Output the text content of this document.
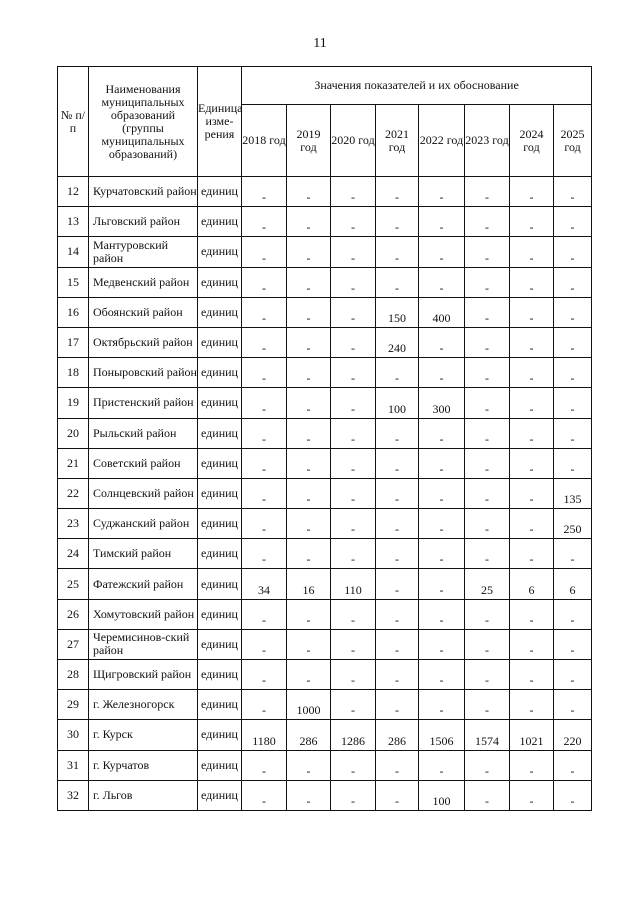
11
№ п/п	Наименования муниципальных образований (группы муниципальных образований)	Единица изме-рения	Значения показателей и их обоснование							
			2018 год	2019 год	2020 год	2021 год	2022 год	2023 год	2024 год	2025 год
12	Курчатовский район	единиц	-	-	-	-	-	-	-	-
13	Льговский район	единиц	-	-	-	-	-	-	-	-
14	Мантуровский район	единиц	-	-	-	-	-	-	-	-
15	Медвенский район	единиц	-	-	-	-	-	-	-	-
16	Обоянский район	единиц	-	-	-	150	400	-	-	-
17	Октябрьский район	единиц	-	-	-	240	-	-	-	-
18	Поныровский район	единиц	-	-	-	-	-	-	-	-
19	Пристенский район	единиц	-	-	-	100	300	-	-	-
20	Рыльский район	единиц	-	-	-	-	-	-	-	-
21	Советский район	единиц	-	-	-	-	-	-	-	-
22	Солнцевский район	единиц	-	-	-	-	-	-	-	135
23	Суджанский район	единиц	-	-	-	-	-	-	-	250
24	Тимский район	единиц	-	-	-	-	-	-	-	-
25	Фатежский район	единиц	34	16	110	-	-	25	6	6
26	Хомутовский район	единиц	-	-	-	-	-	-	-	-
27	Черемисинов-ский район	единиц	-	-	-	-	-	-	-	-
28	Щигровский район	единиц	-	-	-	-	-	-	-	-
29	г. Железногорск	единиц	-	1000	-	-	-	-	-	-
30	г. Курск	единиц	1180	286	1286	286	1506	1574	1021	220
31	г. Курчатов	единиц	-	-	-	-	-	-	-	-
32	г. Льгов	единиц	-	-	-	-	100	-	-	-
